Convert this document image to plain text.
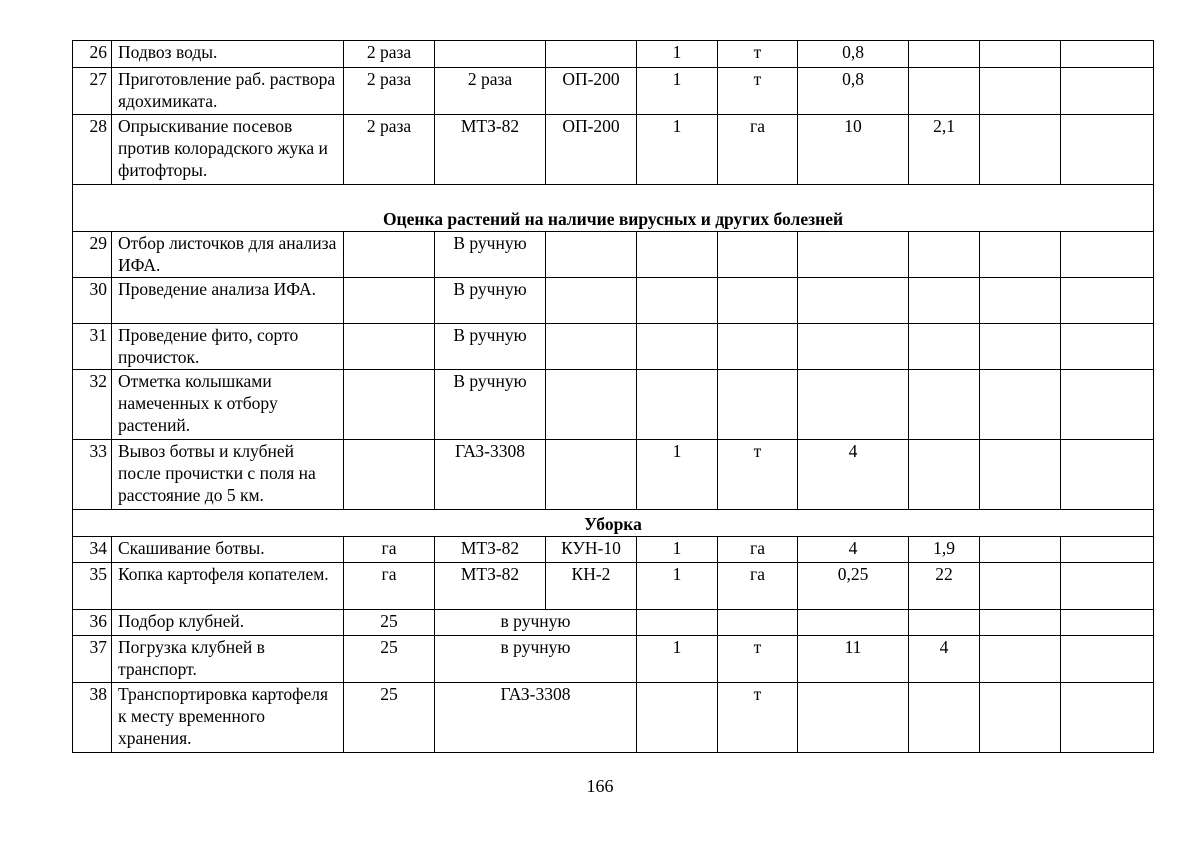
26	Подвоз воды.	2 раза			1	т	0,8			
27	Приготовление раб. раствора ядохимиката.	2 раза	2 раза	ОП-200	1	т	0,8			
28	Опрыскивание посевов против колорадского жука и фитофторы.	2 раза	МТЗ-82	ОП-200	1	га	10	2,1		
Оценка растений на наличие вирусных и других болезней										
29	Отбор листочков для анализа ИФА.		В ручную							
30	Проведение анализа ИФА.		В ручную							
31	Проведение фито, сорто прочисток.		В ручную							
32	Отметка колышками намеченных к отбору растений.		В ручную							
33	Вывоз ботвы и клубней после прочистки с поля на расстояние до 5 км.		ГАЗ-3308		1	т	4			
Уборка										
34	Скашивание ботвы.	га	МТЗ-82	КУН-10	1	га	4	1,9		
35	Копка картофеля копателем.	га	МТЗ-82	КН-2	1	га	0,25	22		
36	Подбор клубней.	25	в ручную							
37	Погрузка клубней в транспорт.	25	в ручную		1	т	11	4		
38	Транспортировка картофеля к месту временного хранения.	25	ГАЗ-3308			т				
166
